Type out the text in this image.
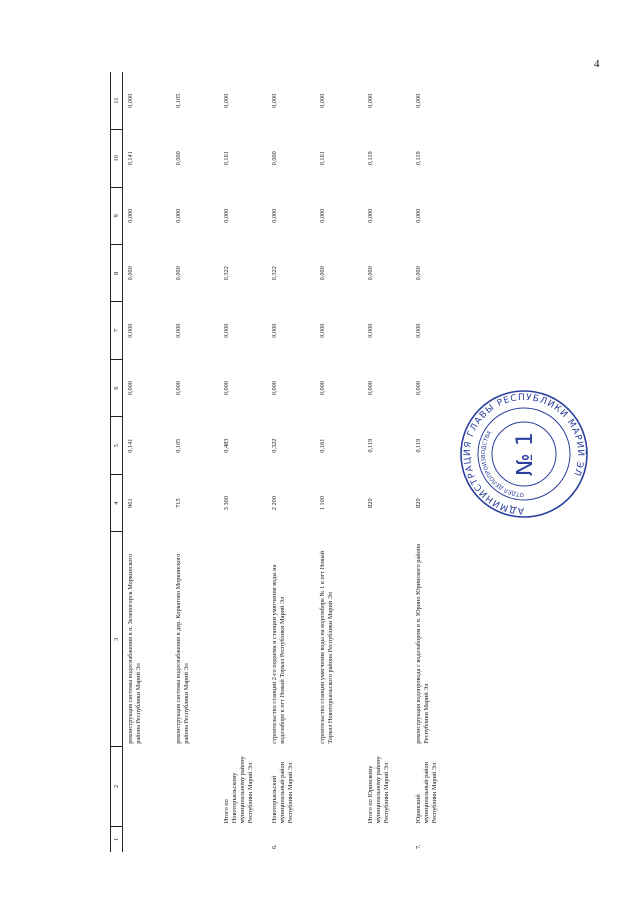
4
1	2	3	4	5	6	7	8	9	10	11
		реконструкция системы водоснабжения в п. Зеленогорск Моркинского района Республики Марий Эл	961	0,141	0,000	0,000	0,000	0,000	0,141	0,000
		реконструкция системы водоснабжения в дер. Коркатово Моркинского района Республики Марий Эл	715	0,105	0,000	0,000	0,000	0,000	0,000	0,105
	Итого по Новоторъяльскому муниципальному району Республики Марий Эл		3 300	0,483	0,000	0,000	0,322	0,000	0,161	0,000
6.	Новоторъяльский муниципальный район Республики Марий Эл	строительство станции 2-го подъема и станции умягчения воды на водозаборе в пгт Новый Торъял Республики Марий Эл	2 200	0,322	0,000	0,000	0,322	0,000	0,000	0,000
		строительство станции умягчения воды на водозаборе № 1 в пгт Новый Торъял Новоторъяльского района Республики Марий Эл	1 100	0,161	0,000	0,000	0,000	0,000	0,161	0,000
	Итого по Юринскому муниципальному району Республики Марий Эл		820	0,119	0,000	0,000	0,000	0,000	0,119	0,000
7.	Юринский муниципальный район Республики Марий Эл	реконструкция водопровода с водозабором в п. Юрино Юринского района Республики Марий Эл	820	0,119	0,000	0,000	0,000	0,000	0,119	0,000
АДМИНИСТРАЦИЯ ГЛАВЫ РЕСПУБЛИКИ МАРИЙ ЭЛ
ОТДЕЛ ДЕЛОПРОИЗВОДСТВА № 1
